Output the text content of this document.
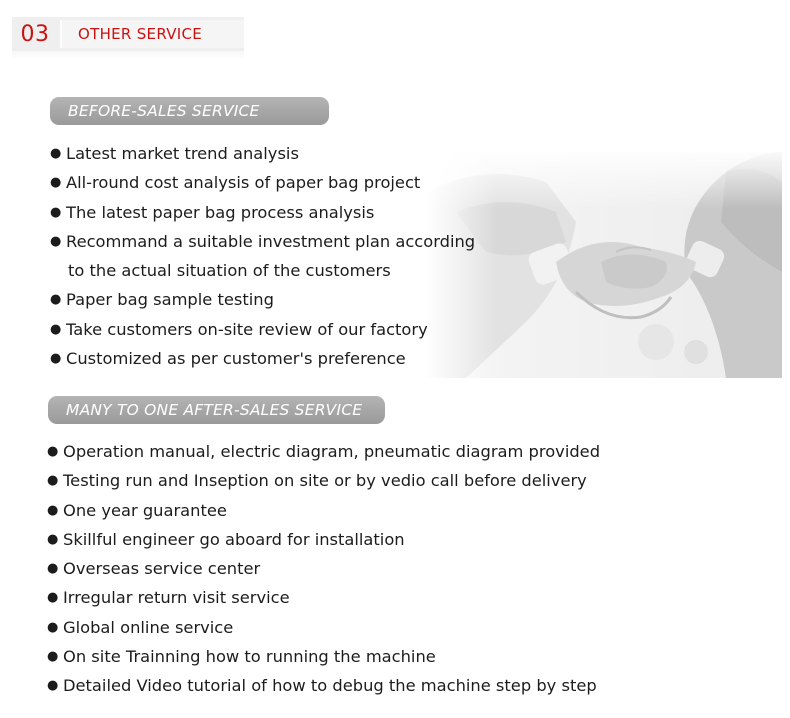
03	OTHER SERVICE
BEFORE-SALES SERVICE
● Latest market trend analysis
● All-round cost analysis of paper bag project
● The latest paper bag process analysis
● Recommand a suitable investment plan according
to the actual situation of the customers
● Paper bag sample testing
● Take customers on-site review of our factory
● Customized as per customer's preference
MANY TO ONE AFTER-SALES SERVICE
● Operation manual, electric diagram, pneumatic diagram provided
● Testing run and Inseption on site or by vedio call before delivery
● One year guarantee
● Skillful engineer go aboard for installation
● Overseas service center
● Irregular return visit service
● Global online service
● On site Trainning how to running the machine
● Detailed Video tutorial of how to debug the machine step by step
